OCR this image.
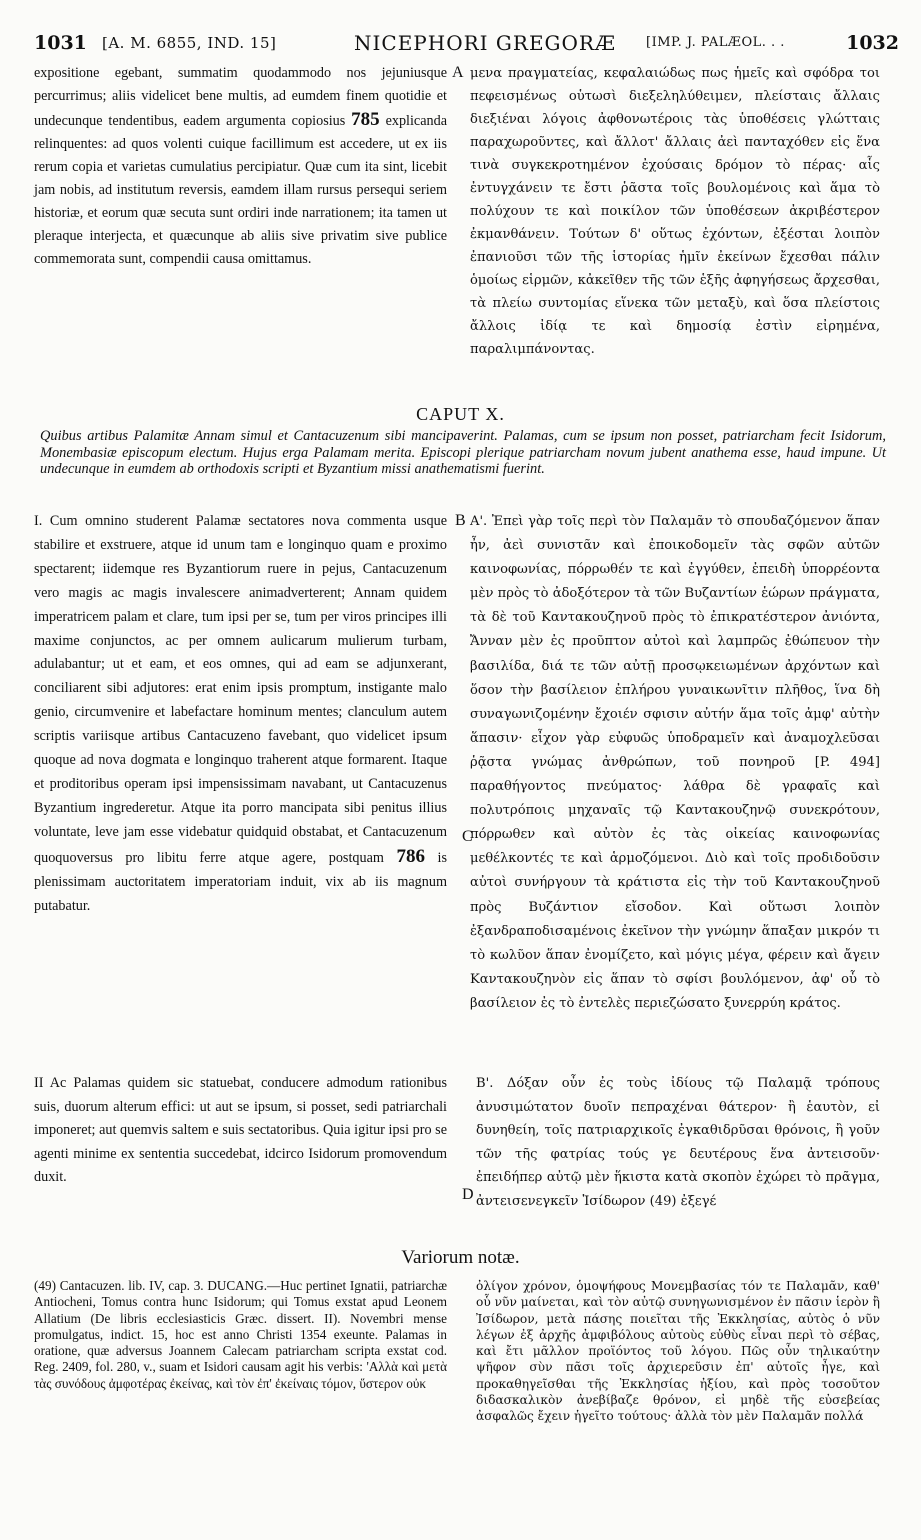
1031 [A. M. 6855, IND. 15]	NICEPHORI GREGORÆ [IMP. J. PALÆOL. . .	1032

expositione egebant, summatim quodammodo nos jejuniusque percurrimus; aliis videlicet bene multis, ad eumdem finem quotidie et undecunque tendentibus, eadem argumenta copiosius 785 explicanda relinquentes: ad quos volenti cuique facillimum est accedere, ut ex iis rerum copia et varietas cumulatius percipiatur. Quæ cum ita sint, licebit jam nobis, ad institutum reversis, eamdem illam rursus persequi seriem historiæ, et eorum quæ secuta sunt ordiri inde narrationem; ita tamen ut pleraque interjecta, et quæcunque ab aliis sive privatim sive publice commemorata sunt, compendii causa omittamus.

A μενα πραγματείας, κεφαλαιώδως πως ἡμεῖς καὶ σφόδρα τοι πεφεισμένως οὑτωσὶ διεξεληλύθειμεν, πλείσταις ἄλλαις διεξιέναι λόγοις ἀφθονωτέροις τὰς ὑποθέσεις γλώτταις παραχωροῦντες, καὶ ἄλλοτ' ἄλλαις ἀεὶ πανταχόθεν εἰς ἕνα τινὰ συγκεκροτημένον ἐχούσαις δρόμον τὸ πέρας· αἷς ἐντυγχάνειν τε ἔστι ῥᾶστα τοῖς βουλομένοις καὶ ἅμα τὸ πολύχουν τε καὶ ποικίλον τῶν ὑποθέσεων ἀκριβέστερον ἐκμανθάνειν. Τούτων δ' οὕτως ἐχόντων, ἐξέσται λοιπὸν ἐπανιοῦσι τῶν τῆς ἱστορίας ἡμῖν ἐκείνων ἔχεσθαι πάλιν ὁμοίως εἱρμῶν, κἀκεῖθεν τῆς τῶν ἑξῆς ἀφηγήσεως ἄρχεσθαι, τὰ πλείω συντομίας εἵνεκα τῶν μεταξὺ, καὶ ὅσα πλείστοις ἄλλοις ἰδίᾳ τε καὶ δημοσίᾳ ἐστὶν εἰρημένα, παραλιμπάνοντας.

CAPUT X.
Quibus artibus Palamitæ Annam simul et Cantacuzenum sibi mancipaverint. Palamas, cum se ipsum non posset, patriarcham fecit Isidorum, Monembasiæ episcopum electum. Hujus erga Palamam merita. Episcopi plerique patriarcham novum jubent anathema esse, haud impune. Ut undecunque in eumdem ab orthodoxis scripti et Byzantium missi anathematismi fuerint.

I. Cum omnino studerent Palamæ sectatores nova commenta usque stabilire et exstruere, atque id unum tam e longinquo quam e proximo spectarent; iidemque res Byzantiorum ruere in pejus, Cantacuzenum vero magis ac magis invalescere animadverterent; Annam quidem imperatricem palam et clare, tum ipsi per se, tum per viros principes illi maxime conjunctos, ac per omnem aulicarum mulierum turbam, adulabantur; ut et eam, et eos omnes, qui ad eam se adjunxerant, conciliarent sibi adjutores: erat enim ipsis promptum, instigante malo genio, circumvenire et labefactare hominum mentes; clanculum autem scriptis variisque artibus Cantacuzeno favebant, quo videlicet ipsum quoque ad nova dogmata e longinquo traherent atque formarent. Itaque et proditoribus operam ipsi impensissimam navabant, ut Cantacuzenus Byzantium ingrederetur. Atque ita porro mancipata sibi penitus illius voluntate, leve jam esse videbatur quidquid obstabat, et Cantacuzenum quoquoversus pro libitu ferre atque agere, postquam 786 is plenissimam auctoritatem imperatoriam induit, vix ab iis magnum putabatur.

B
C

Α'. Ἐπεὶ γὰρ τοῖς περὶ τὸν Παλαμᾶν τὸ σπουδαζόμενον ἅπαν ἦν, ἀεὶ συνιστᾶν καὶ ἐποικοδομεῖν τὰς σφῶν αὐτῶν καινοφωνίας, πόρρωθέν τε καὶ ἐγγύθεν, ἐπειδὴ ὑπορρέοντα μὲν πρὸς τὸ ἀδοξότερον τὰ τῶν Βυζαντίων ἑώρων πράγματα, τὰ δὲ τοῦ Καντακουζηνοῦ πρὸς τὸ ἐπικρατέστερον ἀνιόντα, Ἄνναν μὲν ἐς προῦπτον αὐτοὶ καὶ λαμπρῶς ἐθώπευον τὴν βασιλίδα, διά τε τῶν αὐτῇ προσῳκειωμένων ἀρχόντων καὶ ὅσον τὴν βασίλειον ἐπλήρου γυναικωνῖτιν πλῆθος, ἵνα δὴ συναγωνιζομένην ἔχοιέν σφισιν αὐτήν ἅμα τοῖς ἀμφ' αὐτὴν ἅπασιν· εἶχον γὰρ εὐφυῶς ὑποδραμεῖν καὶ ἀναμοχλεῦσαι ῥᾷστα γνώμας ἀνθρώπων, τοῦ πονηροῦ [P. 494] παραθήγοντος πνεύματος· λάθρα δὲ γραφαῖς καὶ πολυτρόποις μηχαναῖς τῷ Καντακουζηνῷ συνεκρότουν, πόρρωθεν καὶ αὐτὸν ἐς τὰς οἰκείας καινοφωνίας μεθέλκοντές τε καὶ ἁρμοζόμενοι. Διὸ καὶ τοῖς προδιδοῦσιν αὐτοὶ συνήργουν τὰ κράτιστα εἰς τὴν τοῦ Καντακουζηνοῦ πρὸς Βυζάντιον εἴσοδον. Καὶ οὕτωσι λοιπὸν ἐξανδραποδισαμένοις ἐκεῖνον τὴν γνώμην ἅπαξαν μικρόν τι τὸ κωλῦον ἅπαν ἐνομίζετο, καὶ μόγις μέγα, φέρειν καὶ ἄγειν Καντακουζηνὸν εἰς ἅπαν τὸ σφίσι βουλόμενον, ἀφ' οὗ τὸ βασίλειον ἐς τὸ ἐντελὲς περιεζώσατο ξυνερρύη κράτος.

II Ac Palamas quidem sic statuebat, conducere admodum rationibus suis, duorum alterum effici: ut aut se ipsum, si posset, sedi patriarchali imponeret; aut quemvis saltem e suis sectatoribus. Quia igitur ipsi pro se agenti minime ex sententia succedebat, idcirco Isidorum promovendum duxit.

D

Β'. Δόξαν οὖν ἐς τοὺς ἰδίους τῷ Παλαμᾷ τρόπους ἀνυσιμώτατον δυοῖν πεπραχέναι θάτερον· ἢ ἑαυτὸν, εἰ δυνηθείη, τοῖς πατριαρχικοῖς ἐγκαθιδρῦσαι θρόνοις, ἢ γοῦν τῶν τῆς φατρίας τούς γε δευτέρους ἕνα ἀντεισοῦν· ἐπειδήπερ αὐτῷ μὲν ἥκιστα κατὰ σκοπὸν ἐχώρει τὸ πρᾶγμα, ἀντεισενεγκεῖν Ἰσίδωρον (49) ἐξεγέ

Variorum notæ.

(49) Cantacuzen. lib. IV, cap. 3. DUCANG.—Huc pertinet Ignatii, patriarchæ Antiocheni, Tomus contra hunc Isidorum; qui Tomus exstat apud Leonem Allatium (De libris ecclesiasticis Græc. dissert. II). Novembri mense promulgatus, indict. 15, hoc est anno Christi 1354 exeunte. Palamas in oratione, quæ adversus Joannem Calecam patriarcham scripta exstat cod. Reg. 2409, fol. 280, v., suam et Isidori causam agit his verbis: 'Αλλὰ καὶ μετὰ τὰς συνόδους ἀμφοτέρας ἐκείνας, καὶ τὸν ἐπ' ἐκείναις τόμον, ὕστερον οὐκ

ὀλίγον χρόνον, ὁμοψήφους Μονεμβασίας τόν τε Παλαμᾶν, καθ' οὗ νῦν μαίνεται, καὶ τὸν αὐτῷ συνηγωνισμένον ἐν πᾶσιν ἱερὸν ἢ Ἰσίδωρον, μετὰ πάσης ποιεῖται τῆς Ἐκκλησίας, αὐτὸς ὁ νῦν λέγων ἐξ ἀρχῆς ἀμφιβόλους αὐτοὺς εὐθὺς εἶναι περὶ τὸ σέβας, καὶ ἔτι μᾶλλον προϊόντος τοῦ λόγου. Πῶς οὖν τηλικαύτην ψῆφον σὺν πᾶσι τοῖς ἀρχιερεῦσιν ἐπ' αὐτοῖς ἦγε, καὶ προκαθηγεῖσθαι τῆς Ἐκκλησίας ἠξίου, καὶ πρὸς τοσοῦτον διδασκαλικὸν ἀνεβίβαζε θρόνον, εἰ μηδὲ τῆς εὐσεβείας ἀσφαλῶς ἔχειν ἡγεῖτο τούτους· ἀλλὰ τὸν μὲν Παλαμᾶν πολλά
